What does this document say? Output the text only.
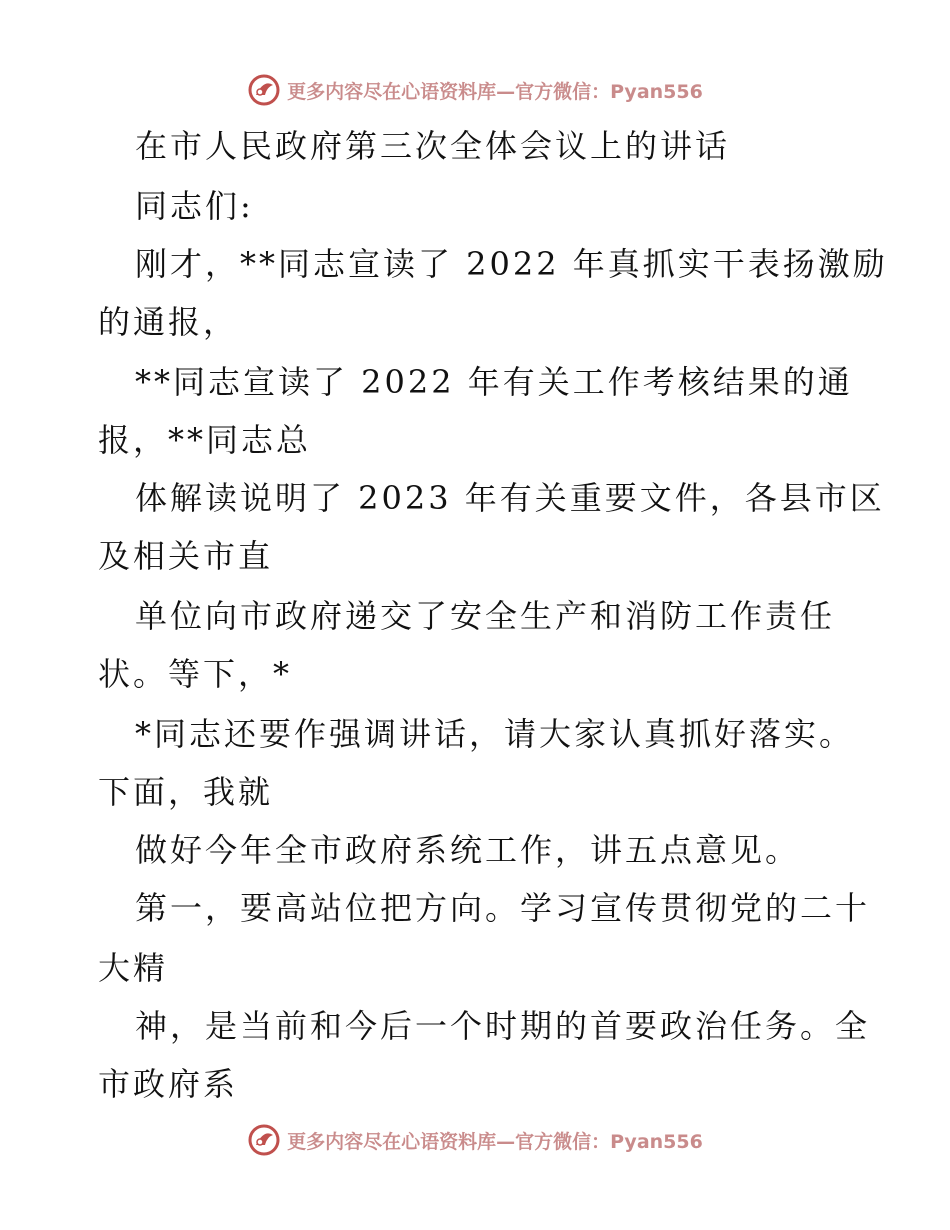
更多内容尽在心语资料库—官方微信：Pyan556
在市人民政府第三次全体会议上的讲话
同志们:
刚才，**同志宣读了 2022 年真抓实干表扬激励
的通报，
**同志宣读了 2022 年有关工作考核结果的通
报，**同志总
体解读说明了 2023 年有关重要文件，各县市区
及相关市直
单位向市政府递交了安全生产和消防工作责任
状。等下，*
*同志还要作强调讲话，请大家认真抓好落实。
下面，我就
做好今年全市政府系统工作，讲五点意见。
第一，要高站位把方向。学习宣传贯彻党的二十
大精
神，是当前和今后一个时期的首要政治任务。全
市政府系
更多内容尽在心语资料库—官方微信：Pyan556
